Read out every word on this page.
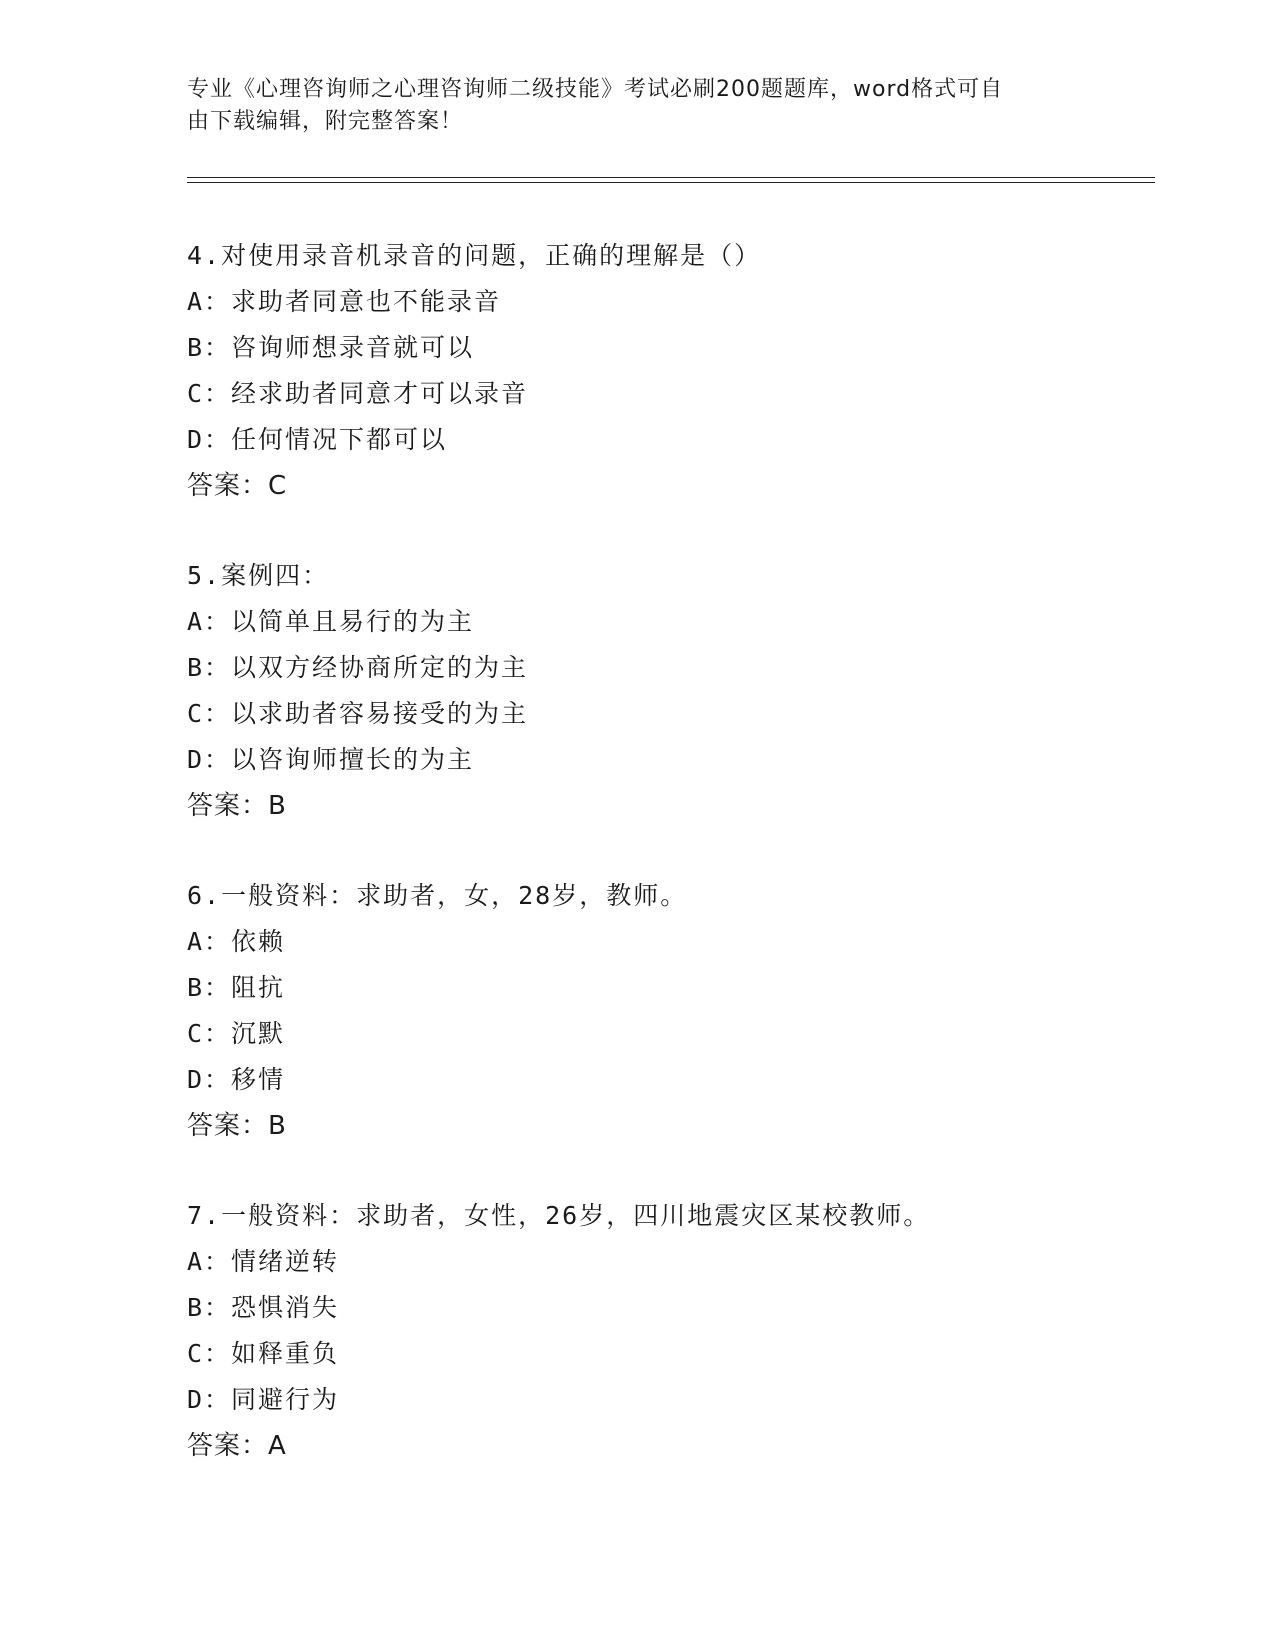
专业《心理咨询师之心理咨询师二级技能》考试必刷200题题库，word格式可自
由下载编辑，附完整答案！
4.对使用录音机录音的问题，正确的理解是（）
A：求助者同意也不能录音
B：咨询师想录音就可以
C：经求助者同意才可以录音
D：任何情况下都可以
答案：C
5.案例四：
A：以简单且易行的为主
B：以双方经协商所定的为主
C：以求助者容易接受的为主
D：以咨询师擅长的为主
答案：B
6.一般资料：求助者，女，28岁，教师。
A：依赖
B：阻抗
C：沉默
D：移情
答案：B
7.一般资料：求助者，女性，26岁，四川地震灾区某校教师。
A：情绪逆转
B：恐惧消失
C：如释重负
D：同避行为
答案：A
